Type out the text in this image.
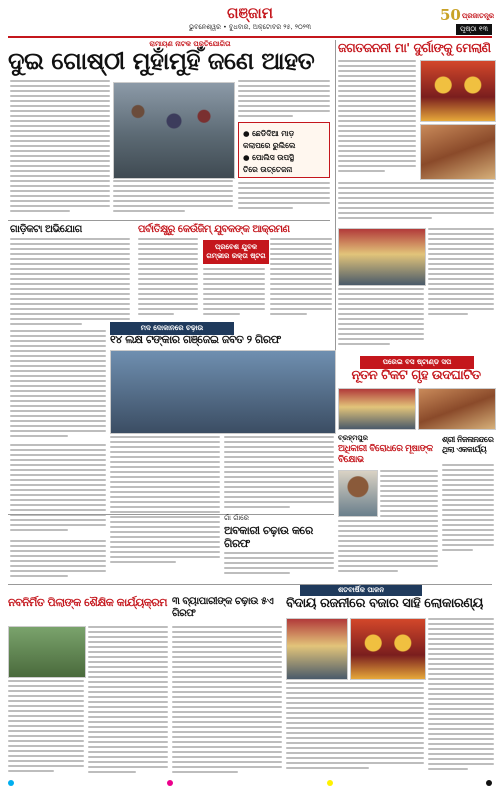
ଗଞ୍ଜାମ
ଭୁବନେଶ୍ୱର • ବୁଧବାର, ଅକ୍ଟୋବର ୨୫, ୨୦୨୩	ପୃଷ୍ଠା ୧୩
50 ପ୍ରଜାତନ୍ତ୍ର
ରାମାୟଣ ନାଟକ ପ୍ରତିଯୋଗିତା
ଦୁଇ ଗୋଷ୍ଠୀ ମୁହାଁମୁହିଁ ଜଣେ ଆହତ
● ଛେଡିଦିଆ ମାଡ଼
କଲାପରେ ରୁଲିଲେ
● ପୋଲିସ ଉପସ୍ଥି
ତିରେ ଉତ୍ତେଜନା
ଜଗତଜନନୀ ମା' ଦୁର୍ଗାଙ୍କୁ ମେଲାଣି
ଗାଡ଼ିକଟା ଅଭିଯୋଗ	ପର୍ବାତିକ୍ଷୁରୁ କେଉଁଜିମ୍ ଯୁବକଙ୍କ ଆକ୍ରମଣ
ପ୍ରବେଶ ଯୁବକ ଗମ୍ଭୀର ରକ୍ତା ଷ୍ଟଗ
ମଦ ଦୋକାନରେ ଚଢ଼ାଉ
୧୪ ଲକ୍ଷ ଟଙ୍କାର ଗଞ୍ଜେଇ ଜବତ ୨ ଗିରଫ
ପରେଇ ବସ ଷ୍ଟାଣ୍ଡ ସପ
ନୂତନ ଟିକଟ ଗୃହ ଉଦଘାଟିତ
ବ୍ରହ୍ମପୁର
ଅଧିକାରୀ ବିରୋଧରେ ମୂଷାଙ୍କ ବିକ୍ଷୋଭ
ଶ୍ରୀ ନିଜଳାନନ୍ଦରେ ଥିଲା ଏକକାର୍ଯ୍ୟ
ଗାଁ ଗାଁରେ
ଅବକାରୀ ଚଢ଼ାଉ କରେ ଗିରଫ
ଶତବାର୍ଷିକ ପାଳନ
ନବନିର୍ମିତ ପିଲାଙ୍କ ଶୈକ୍ଷିକ କାର୍ଯ୍ୟକ୍ରମ ୩ ବ୍ୟାପାରୀଙ୍କ ଚଢ଼ାଉ ୫ଏ ଗିରଫ
ବିଦାୟ ରଜନୀରେ ବଜାର ସାହି ଲୋକାରଣ୍ୟ
